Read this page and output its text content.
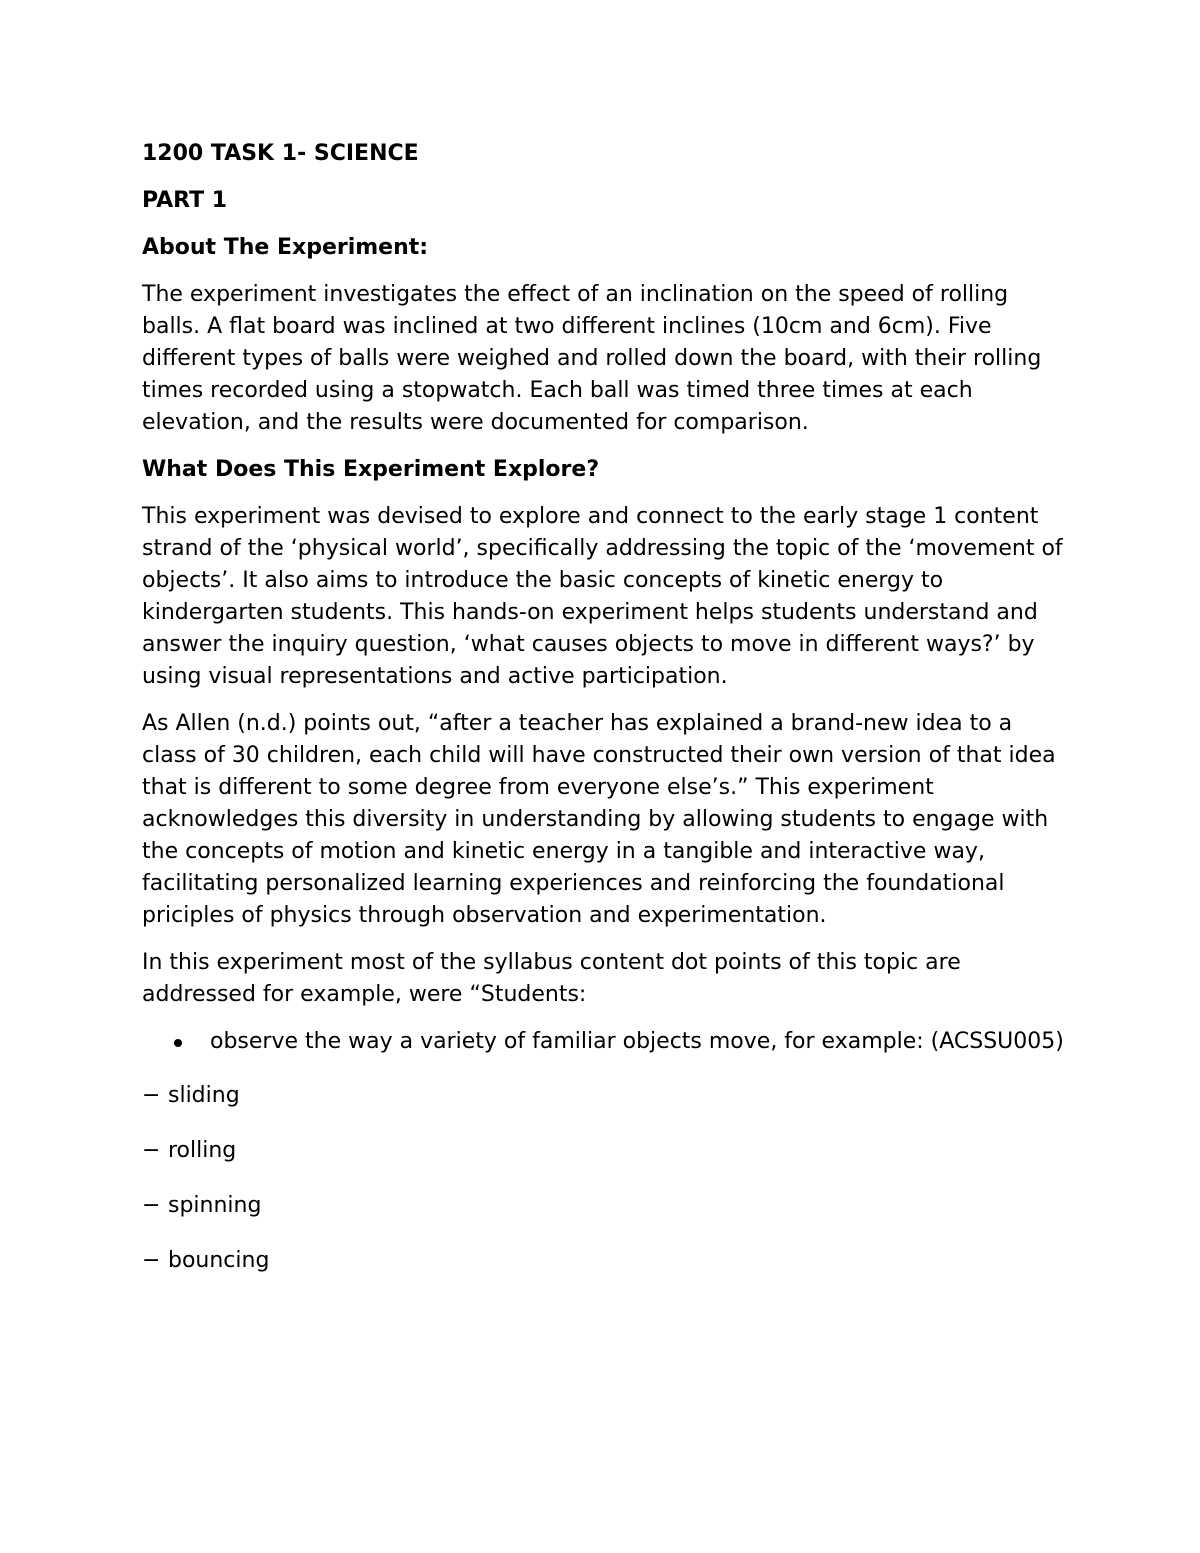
1200 TASK 1- SCIENCE
PART 1
About The Experiment:

The experiment investigates the effect of an inclination on the speed of rolling balls. A flat board was inclined at two different inclines (10cm and 6cm). Five different types of balls were weighed and rolled down the board, with their rolling times recorded using a stopwatch. Each ball was timed three times at each elevation, and the results were documented for comparison.

What Does This Experiment Explore?

This experiment was devised to explore and connect to the early stage 1 content strand of the ‘physical world’, specifically addressing the topic of the ‘movement of objects’. It also aims to introduce the basic concepts of kinetic energy to kindergarten students. This hands-on experiment helps students understand and answer the inquiry question, ‘what causes objects to move in different ways?’ by using visual representations and active participation.

As Allen (n.d.) points out, “after a teacher has explained a brand-new idea to a class of 30 children, each child will have constructed their own version of that idea that is different to some degree from everyone else’s.” This experiment acknowledges this diversity in understanding by allowing students to engage with the concepts of motion and kinetic energy in a tangible and interactive way, facilitating personalized learning experiences and reinforcing the foundational priciples of physics through observation and experimentation.

In this experiment most of the syllabus content dot points of this topic are addressed for example, were “Students:

observe the way a variety of familiar objects move, for example: (ACSSU005)
− sliding
− rolling
− spinning
− bouncing
